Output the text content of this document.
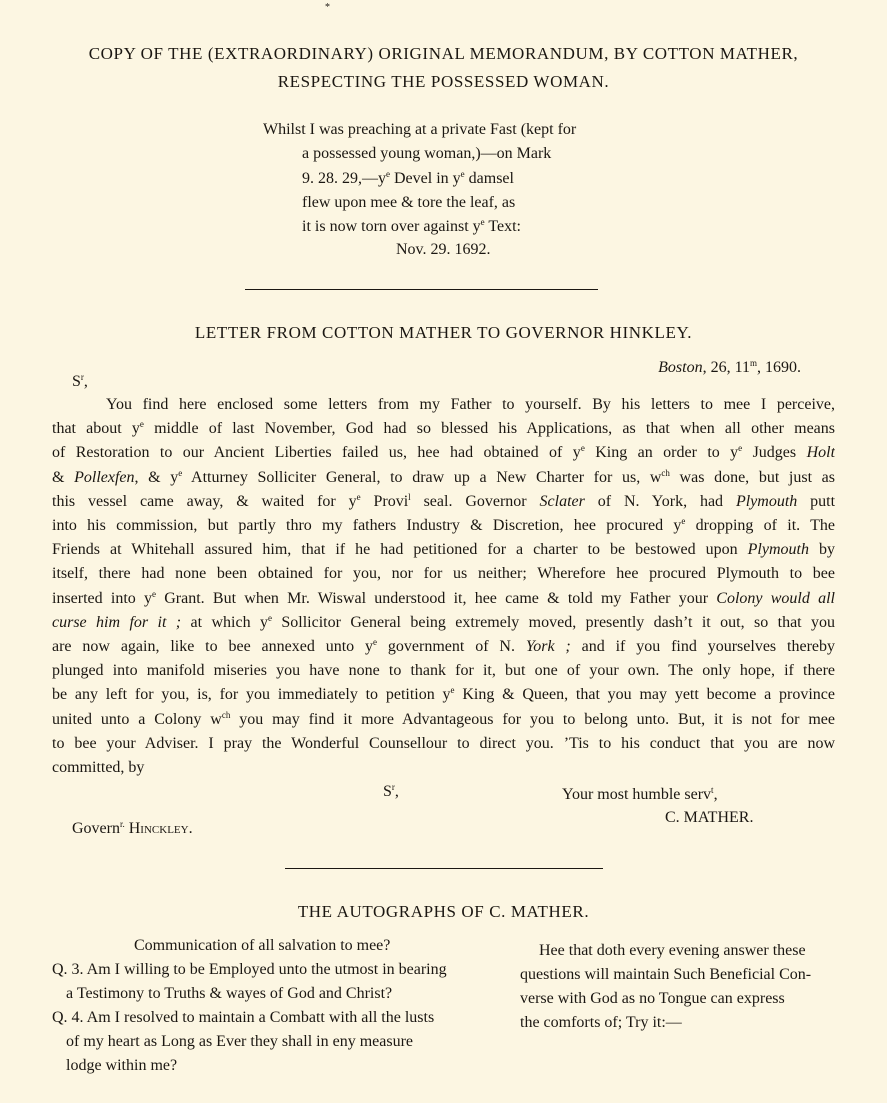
*
COPY OF THE (EXTRAORDINARY) ORIGINAL MEMORANDUM, BY COTTON MATHER,
RESPECTING THE POSSESSED WOMAN.
Whilst I was preaching at a private Fast (kept for
a possessed young woman,)—on Mark
9. 28. $29,—y^e$ Devel in $y^e$ damsel
flew upon mee & tore the leaf, as
it is now torn over against $y^e$ Text:
Nov. 29. 1692.
LETTER FROM COTTON MATHER TO GOVERNOR HINKLEY.
Boston, 26, 11$^m$, 1690.
$S^r$,
You find here enclosed some letters from my Father to yourself. By his letters to mee I perceive,
that about $y^e$ middle of last November, God had so blessed his Applications, as that when all other means
of Restoration to our Ancient Liberties failed us, hee had obtained of $y^e$ King an order to $y^e$ Judges Holt
& Pollexfen, & $y^e$ Atturney Solliciter General, to draw up a New Charter for us, $w^{ch}$ was done, but just as
this vessel came away, & waited for $y^e$ Provi$^l$ seal. Governor Sclater of N. York, had Plymouth putt
into his commission, but partly thro my fathers Industry & Discretion, hee procured $y^e$ dropping of it. The
Friends at Whitehall assured him, that if he had petitioned for a charter to be bestowed upon Plymouth by
itself, there had none been obtained for you, nor for us neither; Wherefore hee procured Plymouth to bee
inserted into $y^e$ Grant. But when Mr. Wiswal understood it, hee came & told my Father your Colony would all
curse him for it ; at which $y^e$ Sollicitor General being extremely moved, presently dash’t it out, so that you
are now again, like to bee annexed unto $y^e$ government of N. York ; and if you find yourselves thereby
plunged into manifold miseries you have none to thank for it, but one of your own. The only hope, if there
be any left for you, is, for you immediately to petition $y^e$ King & Queen, that you may yett become a province
united unto a Colony $w^{ch}$ you may find it more Advantageous for you to belong unto. But, it is not for mee
to bee your Adviser. I pray the Wonderful Counsellour to direct you. ’Tis to his conduct that you are now
committed, by
$S^r$,	Your most humble serv$^t$,
C. MATHER.
Govern$^{r.}$ Hinckley.
THE AUTOGRAPHS OF C. MATHER.
Communication of all salvation to mee?
Q. 3. Am I willing to be Employed unto the utmost in bearing
a Testimony to Truths & wayes of God and Christ?
Q. 4. Am I resolved to maintain a Combatt with all the lusts
of my heart as Long as Ever they shall in eny measure
lodge within me?
Hee that doth every evening answer these
questions will maintain Such Beneficial Con-
verse with God as no Tongue can express
the comforts of; Try it:—
